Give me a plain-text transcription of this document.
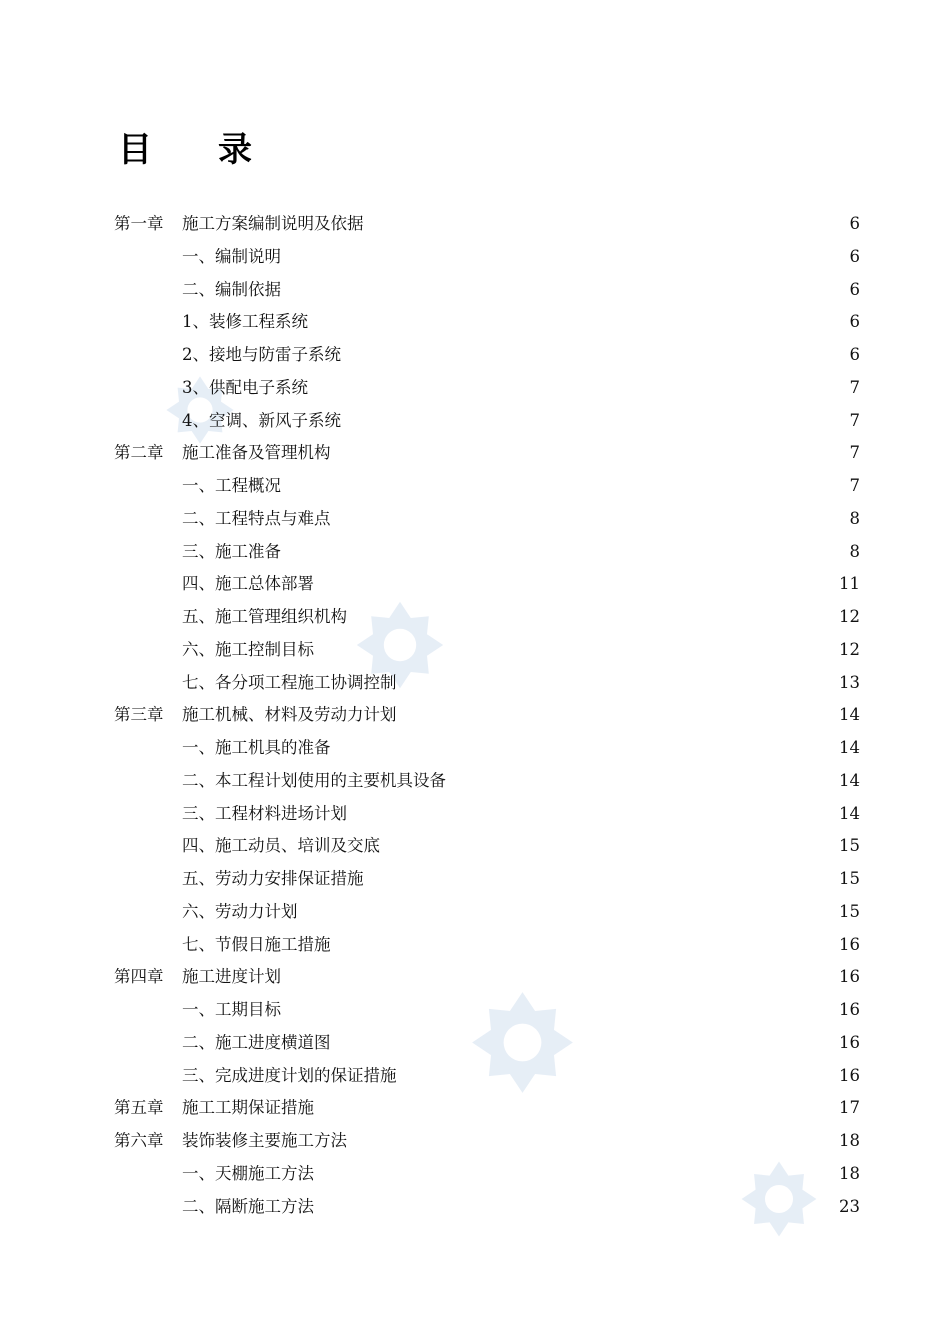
目	录
第一章	施工方案编制说明及依据	6
一、 编制说明	6
二、 编制依据	6
1、 装修工程系统	6
2、 接地与防雷子系统	6
3、 供配电子系统	7
4、 空调、新风子系统	7
第二章	施工准备及管理机构	7
一、 工程概况	7
二、 工程特点与难点	8
三、 施工准备	8
四、 施工总体部署	11
五、 施工管理组织机构	12
六、 施工控制目标	12
七、 各分项工程施工协调控制	13
第三章	施工机械、材料及劳动力计划	14
一、 施工机具的准备	14
二、 本工程计划使用的主要机具设备	14
三、 工程材料进场计划	14
四、 施工动员、培训及交底	15
五、 劳动力安排保证措施	15
六、 劳动力计划	15
七、 节假日施工措施	16
第四章	施工进度计划	16
一、 工期目标	16
二、 施工进度横道图	16
三、 完成进度计划的保证措施	16
第五章	施工工期保证措施	17
第六章	装饰装修主要施工方法	18
一、 天棚施工方法	18
二、 隔断施工方法	23
